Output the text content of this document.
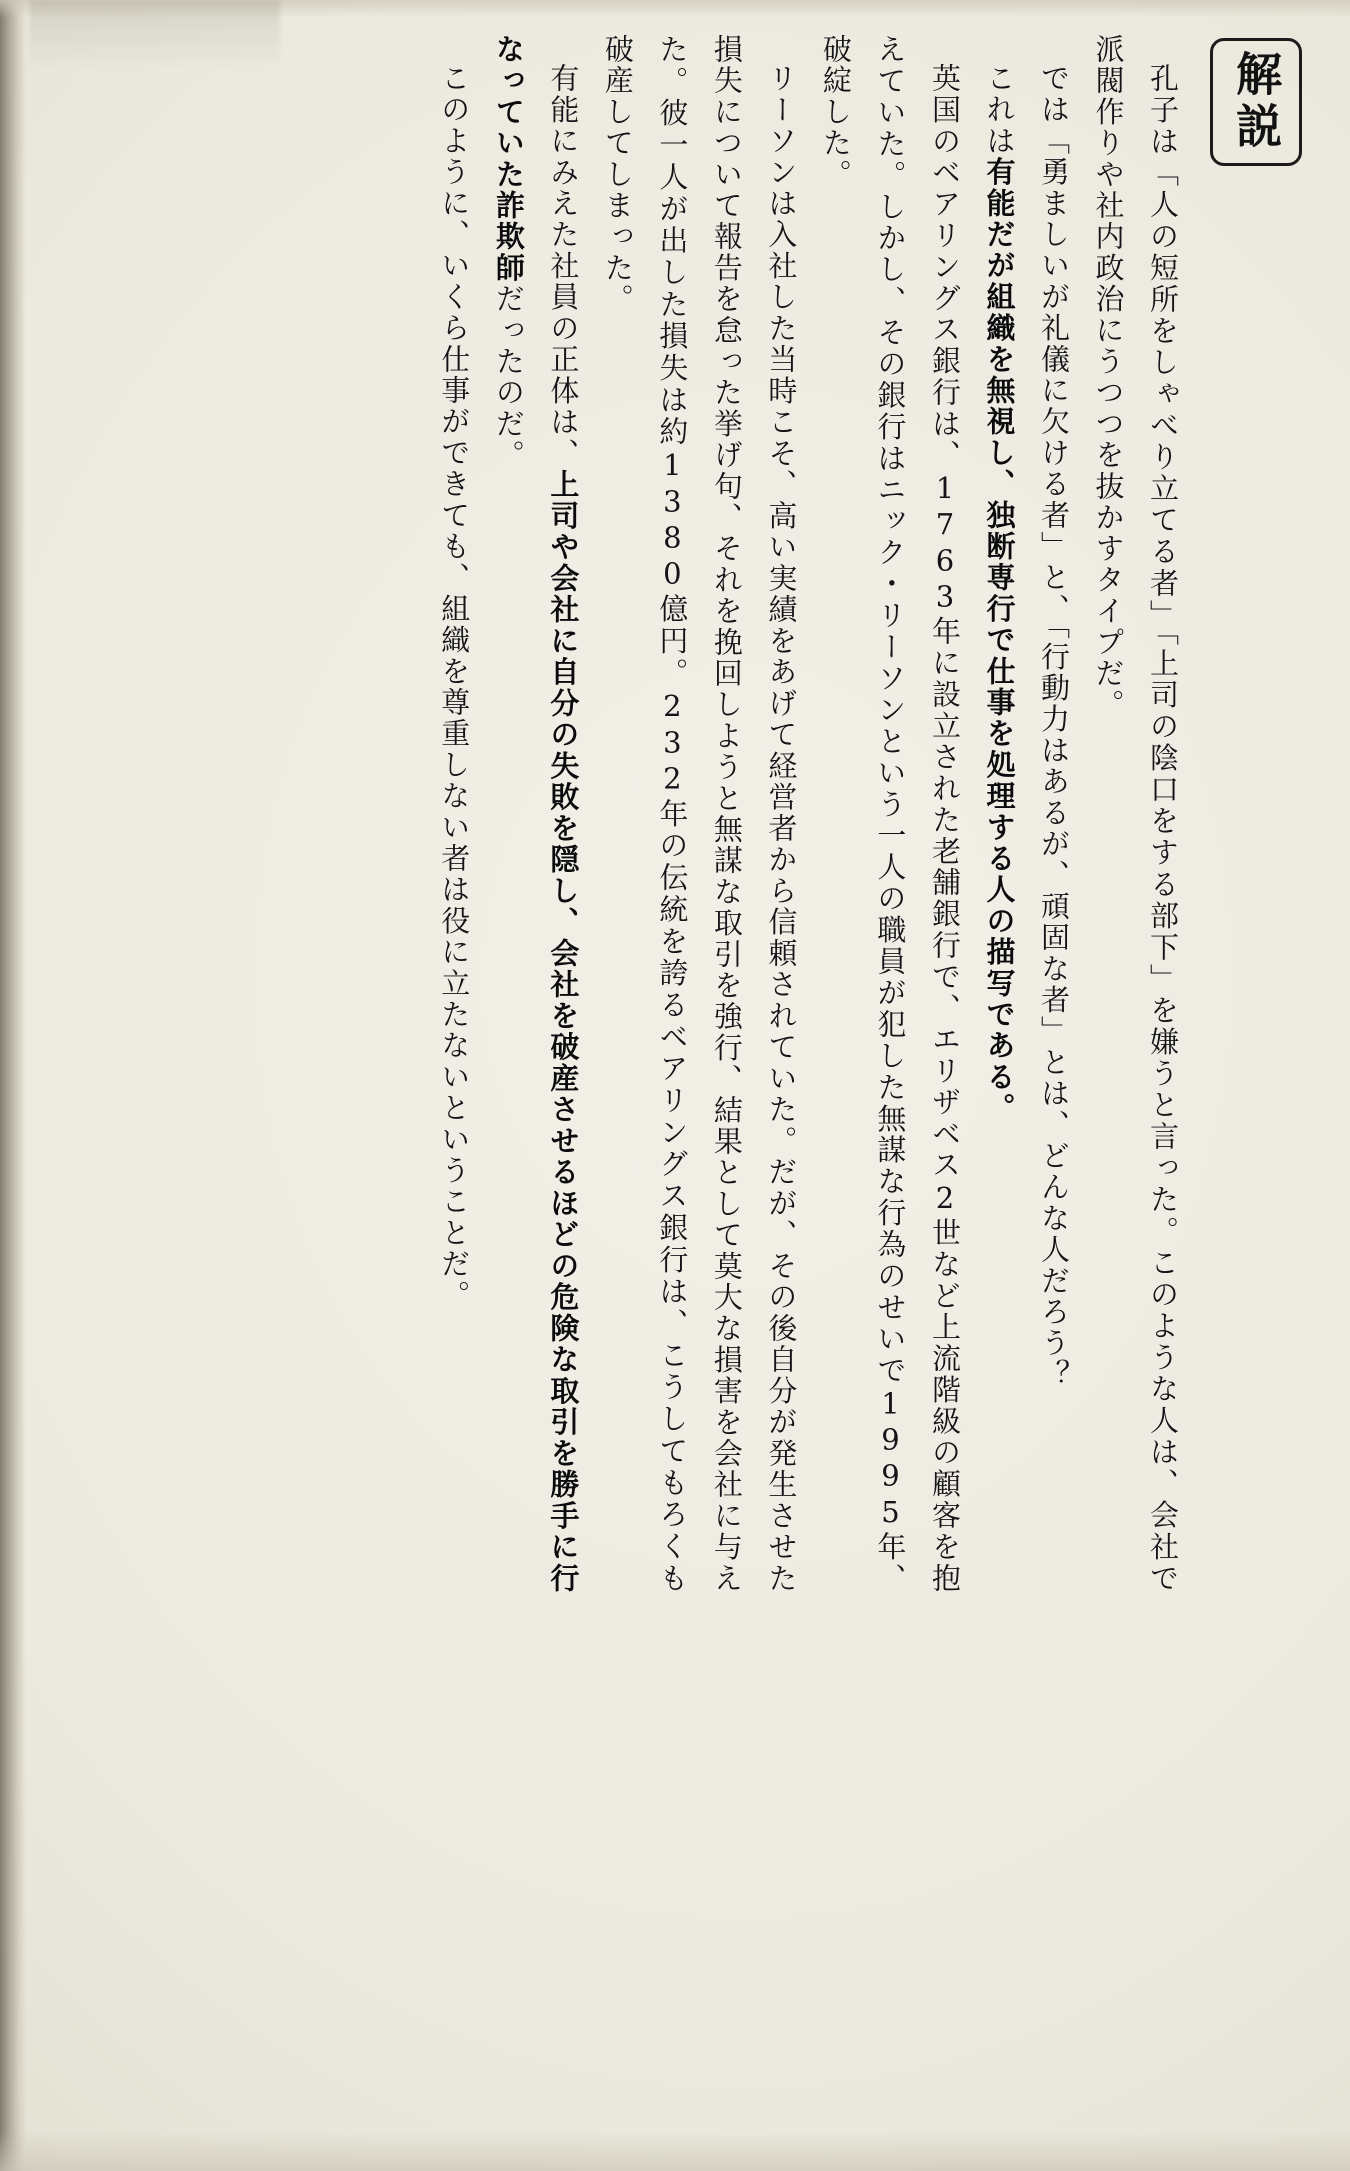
解説

孔子は「人の短所をしゃべり立てる者」「上司の陰口をする部下」を嫌うと言った。このような人は、会社で派閥作りや社内政治にうつつを抜かすタイプだ。

では「勇ましいが礼儀に欠ける者」と、「行動力はあるが、頑固な者」とは、どんな人だろう？

これは有能だが組織を無視し、独断専行で仕事を処理する人の描写である。

英国のベアリングス銀行は、1763年に設立された老舗銀行で、エリザベス2世など上流階級の顧客を抱えていた。しかし、その銀行はニック・リーソンという一人の職員が犯した無謀な行為のせいで1995年、破綻した。

リーソンは入社した当時こそ、高い実績をあげて経営者から信頼されていた。だが、その後自分が発生させた損失について報告を怠った挙げ句、それを挽回しようと無謀な取引を強行、結果として莫大な損害を会社に与えた。彼一人が出した損失は約1380億円。232年の伝統を誇るベアリングス銀行は、こうしてもろくも破産してしまった。

有能にみえた社員の正体は、上司や会社に自分の失敗を隠し、会社を破産させるほどの危険な取引を勝手に行なっていた詐欺師だったのだ。

このように、いくら仕事ができても、組織を尊重しない者は役に立たないということだ。
